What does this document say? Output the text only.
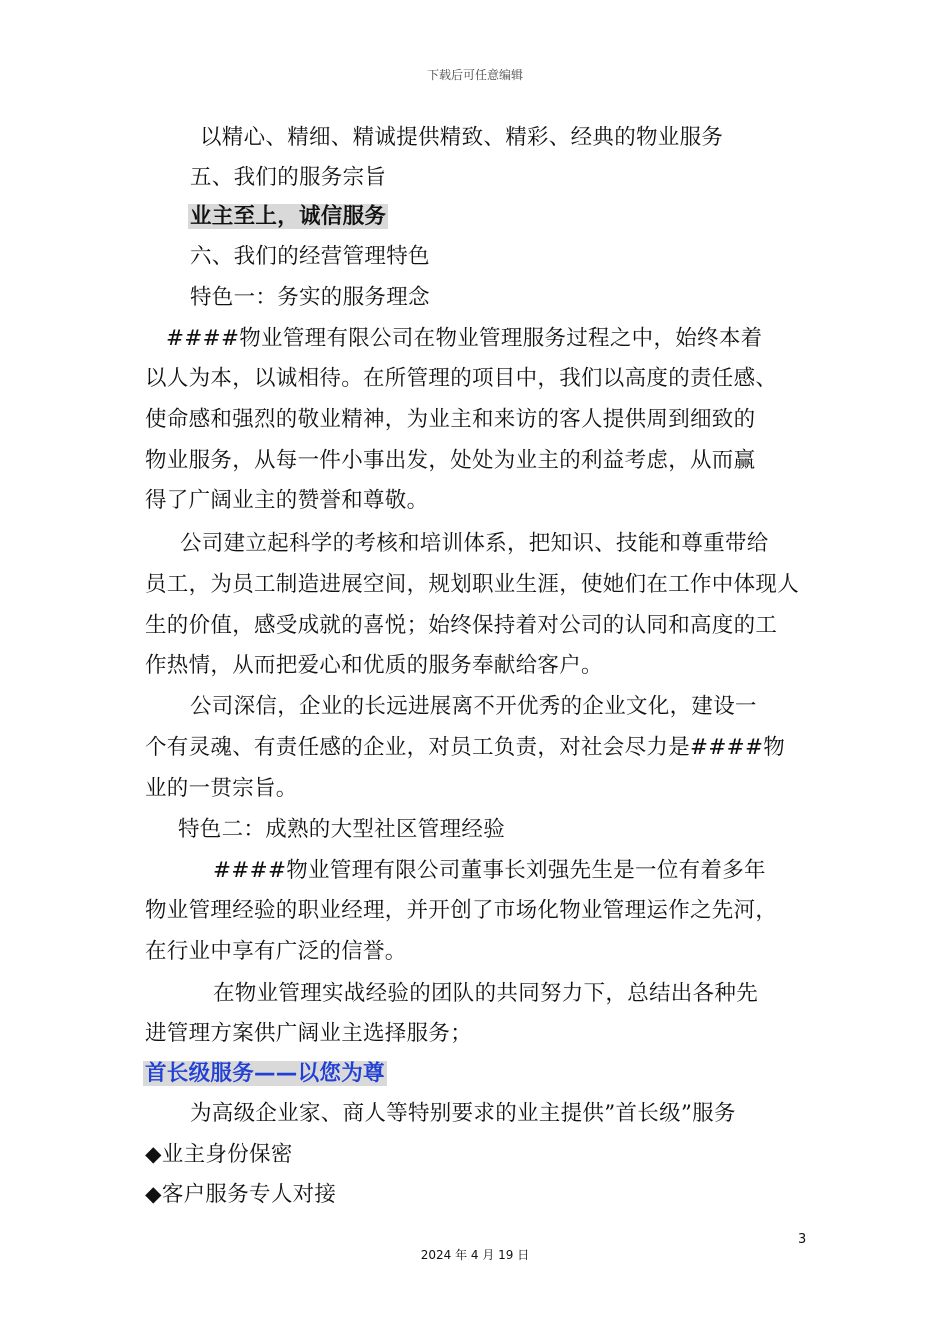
下载后可任意编辑
以精心、精细、精诚提供精致、精彩、经典的物业服务
五、我们的服务宗旨
业主至上，诚信服务
六、我们的经营管理特色
特色一：务实的服务理念
####物业管理有限公司在物业管理服务过程之中，始终本着
以人为本，以诚相待。在所管理的项目中，我们以高度的责任感、
使命感和强烈的敬业精神，为业主和来访的客人提供周到细致的
物业服务，从每一件小事出发，处处为业主的利益考虑，从而赢
得了广阔业主的赞誉和尊敬。
公司建立起科学的考核和培训体系，把知识、技能和尊重带给
员工，为员工制造进展空间，规划职业生涯，使她们在工作中体现人
生的价值，感受成就的喜悦；始终保持着对公司的认同和高度的工
作热情，从而把爱心和优质的服务奉献给客户。
公司深信，企业的长远进展离不开优秀的企业文化，建设一
个有灵魂、有责任感的企业，对员工负责，对社会尽力是####物
业的一贯宗旨。
特色二：成熟的大型社区管理经验
####物业管理有限公司董事长刘强先生是一位有着多年
物业管理经验的职业经理，并开创了市场化物业管理运作之先河，
在行业中享有广泛的信誉。
在物业管理实战经验的团队的共同努力下，总结出各种先
进管理方案供广阔业主选择服务；
首长级服务——以您为尊
为高级企业家、商人等特别要求的业主提供”首长级”服务
◆业主身份保密
◆客户服务专人对接
3
2024 年 4 月 19 日
